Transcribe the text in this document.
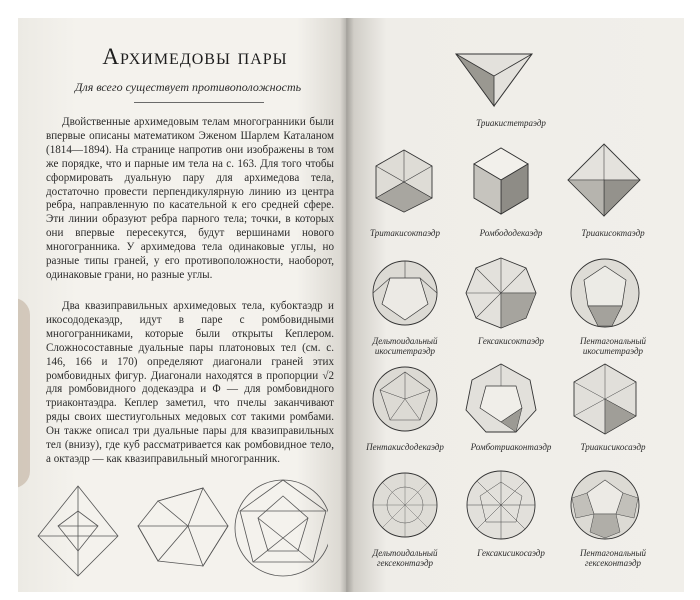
Архимедовы пары
Для всего существует противоположность

Двойственные архимедовым телам многогранники были впервые описаны математиком Эженом Шарлем Каталаном (1814—1894). На странице напротив они изображены в том же порядке, что и парные им тела на с. 163. Для того чтобы сформировать дуальную пару для архимедова тела, достаточно провести перпендикулярную линию из центра ребра, направленную по касательной к его средней сфере. Эти линии образуют ребра парного тела; точки, в которых они впервые пересекутся, будут вершинами нового многогранника. У архимедова тела одинаковые углы, но разные типы граней, у его противоположности, наоборот, одинаковые грани, но разные углы.

Два квазиправильных архимедовых тела, кубоктаэдр и икосододекаэдр, идут в паре с ромбовидными многогранниками, которые были открыты Кеплером. Сложносоставные дуальные пары платоновых тел (см. с. 146, 166 и 170) определяют диагонали граней этих ромбовидных фигур. Диагонали находятся в пропорции √2 для ромбовидного додекаэдра и Φ — для ромбовидного триаконтаэдра. Кеплер заметил, что пчелы заканчивают ряды своих шестиугольных медовых сот такими ромбами. Он также описал три дуальные пары для квазиправильных тел (внизу), где куб рассматривается как ромбовидное тело, а октаэдр — как квазиправильный многогранник.

Триакистетраэдр
Тритакисоктаэдр	Ромбододекаэдр	Триакисоктаэдр
Дельтоидальный икоситетраэдр
Гексакисоктаэдр	Пентагональный икоситетраэдр
Пентакисдодекаэдр	Ромботриаконтаэдр	Триакисикосаэдр
Дельтоидальный гексеконтаэдр
Гексакисикосаэдр	Пентагональный гексеконтаэдр
